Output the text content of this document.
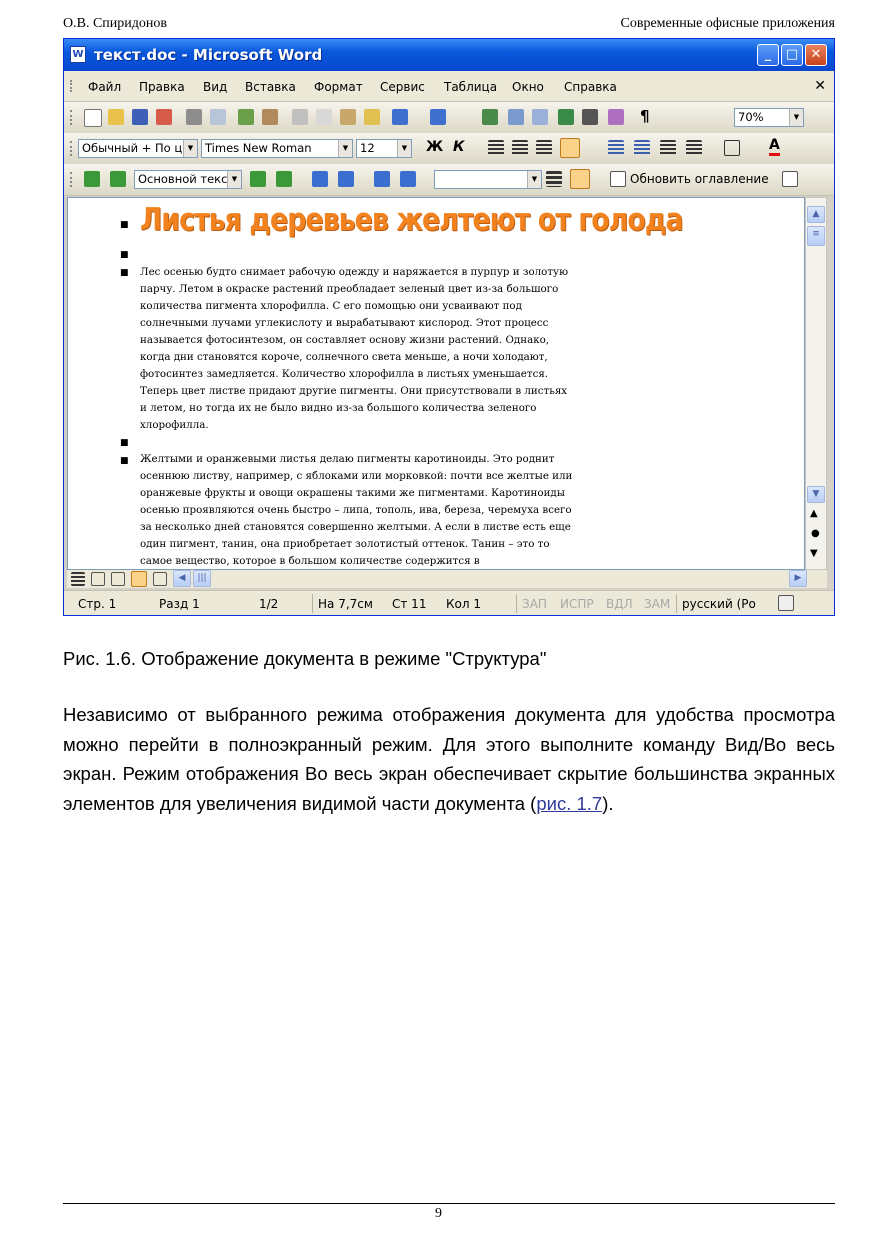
О.В. Спиридонов	Современные офисные приложения
W текст.doc - Microsoft Word	_	□ ✕
Файл Правка Вид Вставка Формат Сервис Таблица Окно Справка	✕
¶	70%	▼
Обычный + По ц ▼	Times New Roman	▼	12	▼ Ж К	A
Основной текс ▼	▼	Обновить оглавление
■ Листья деревьев желтеют от голода
■
■ Лес осенью будто снимает рабочую одежду и наряжается в пурпур и золотую парчу. Летом в окраске растений преобладает зеленый цвет из-за большого количества пигмента хлорофилла. С его помощью они усваивают под солнечными лучами углекислоту и вырабатывают кислород. Этот процесс называется фотосинтезом, он составляет основу жизни растений. Однако, когда дни становятся короче, солнечного света меньше, а ночи холодают, фотосинтез замедляется. Количество хлорофилла в листьях уменьшается. Теперь цвет листве придают другие пигменты. Они присутствовали в листьях и летом, но тогда их не было видно из-за большого количества зеленого хлорофилла.
■
■ Желтыми и оранжевыми листья делаю пигменты каротиноиды. Это роднит осеннюю листву, например, с яблоками или морковкой: почти все желтые или оранжевые фрукты и овощи окрашены такими же пигментами. Каротиноиды осенью проявляются очень быстро – липа, тополь, ива, береза, черемуха всего за несколько дней становятся совершенно желтыми. А если в листве есть еще один пигмент, танин, она приобретает золотистый оттенок. Танин – это то самое вещество, которое в большом количестве содержится в
▲
≡
▼
▲
●
▼
◀	|||	▶
Стр. 1	Разд 1	1/2	На 7,7см Ст 11 Кол 1	ЗАП ИСПР ВДЛ ЗАМ русский (Ро
Рис. 1.6. Отображение документа в режиме "Структура"
Независимо от выбранного режима отображения документа для удобства просмотра можно перейти в полноэкранный режим. Для этого выполните команду Вид/Во весь экран. Режим отображения Во весь экран обеспечивает скрытие большинства экранных элементов для увеличения видимой части документа (рис. 1.7).
9
